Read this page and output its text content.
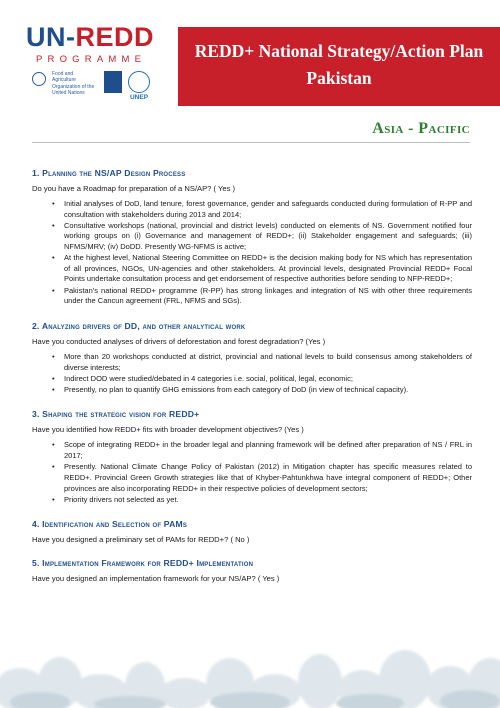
UN-REDD
PROGRAMME
Food and Agriculture Organization of the United Nations
UNEP
REDD+ National Strategy/Action Plan
Pakistan
Asia - Pacific
1. Planning the NS/AP Design Process
Do you have a Roadmap for preparation of a NS/AP? ( Yes )
• Initial analyses of DoD, land tenure, forest governance, gender and safeguards conducted during formulation of R-PP and consultation with stakeholders during 2013 and 2014;
• Consultative workshops (national, provincial and district levels) conducted on elements of NS. Government notified four working groups on (i) Governance and management of REDD+; (ii) Stakeholder engagement and safeguards; (iii) NFMS/MRV; (iv) DoDD. Presently WG-NFMS is active;
• At the highest level, National Steering Committee on REDD+ is the decision making body for NS which has representation of all provinces, NGOs, UN-agencies and other stakeholders. At provincial levels, designated Provincial REDD+ Focal Points undertake consultation process and get endorsement of respective authorities before sending to NFP-REDD+;
• Pakistan’s national REDD+ programme (R-PP) has strong linkages and integration of NS with other three requirements under the Cancun agreement (FRL, NFMS and SGs).
2. Analyzing drivers of DD, and other analytical work
Have you conducted analyses of drivers of deforestation and forest degradation? (Yes )
• More than 20 workshops conducted at district, provincial and national levels to build consensus among stakeholders of diverse interests;
• Indirect DOD were studied/debated in 4 categories i.e. social, political, legal, economic;
• Presently, no plan to quantify GHG emissions from each category of DoD (in view of technical capacity).
3. Shaping the strategic vision for REDD+
Have you identified how REDD+ fits with broader development objectives? (Yes )
• Scope of integrating REDD+ in the broader legal and planning framework will be defined after preparation of NS / FRL in 2017;
• Presently. National Climate Change Policy of Pakistan (2012) in Mitigation chapter has specific measures related to REDD+. Provincial Green Growth strategies like that of Khyber-Pahtunkhwa have integral component of REDD+; Other provinces are also incorporating REDD+ in their respective policies of development sectors;
• Priority drivers not selected as yet.
4. Identification and Selection of PAMs
Have you designed a preliminary set of PAMs for REDD+? ( No )
5. Implementation Framework for REDD+ Implementation
Have you designed an implementation framework for your NS/AP? ( Yes )
